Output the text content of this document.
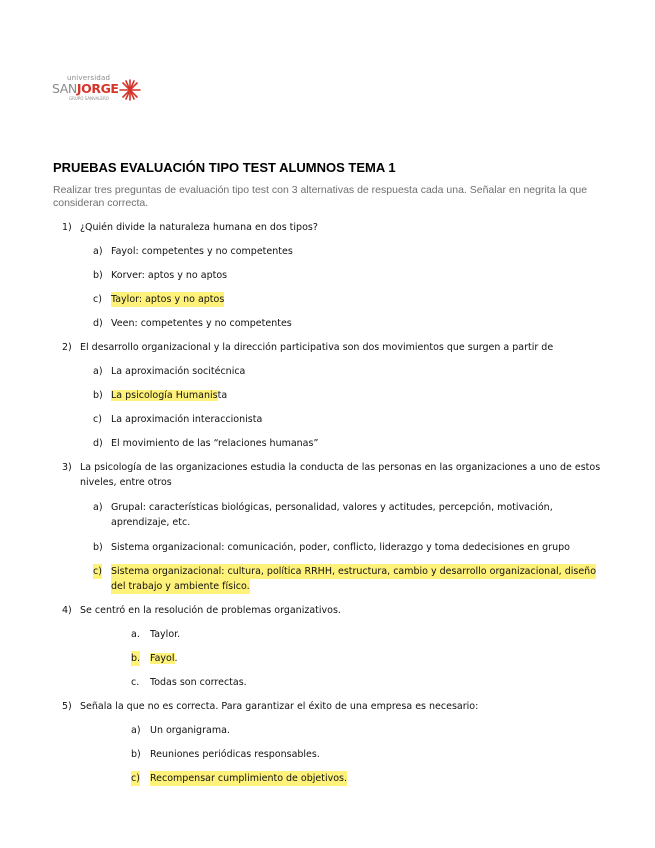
universidad
SANJORGE
GRUPO SANVALERO
PRUEBAS EVALUACIÓN TIPO TEST ALUMNOS TEMA 1
Realizar tres preguntas de evaluación tipo test con 3 alternativas de respuesta cada una. Señalar en negrita la que consideran correcta.
1) ¿Quién divide la naturaleza humana en dos tipos?
a) Fayol: competentes y no competentes
b) Korver: aptos y no aptos
c) Taylor: aptos y no aptos
d) Veen: competentes y no competentes
2) El desarrollo organizacional y la dirección participativa son dos movimientos que surgen a partir de
a) La aproximación socitécnica
b) La psicología Humanista
c) La aproximación interaccionista
d) El movimiento de las “relaciones humanas”
3) La psicología de las organizaciones estudia la conducta de las personas en las organizaciones a uno de estos
niveles, entre otros
a) Grupal: características biológicas, personalidad, valores y actitudes, percepción, motivación,
aprendizaje, etc.
b) Sistema organizacional: comunicación, poder, conflicto, liderazgo y toma dedecisiones en grupo
c) Sistema organizacional: cultura, política RRHH, estructura, cambio y desarrollo organizacional, diseño
del trabajo y ambiente físico.
4) Se centró en la resolución de problemas organizativos.
a. Taylor.
b. Fayol.
c. Todas son correctas.
5) Señala la que no es correcta. Para garantizar el éxito de una empresa es necesario:
a) Un organigrama.
b) Reuniones periódicas responsables.
c) Recompensar cumplimiento de objetivos.
